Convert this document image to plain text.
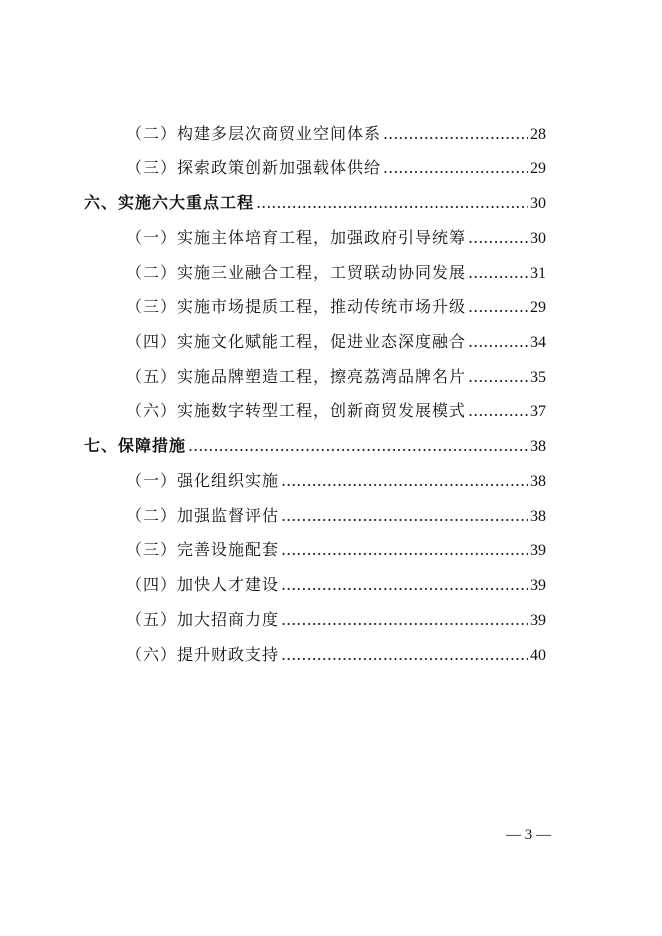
（二）构建多层次商贸业空间体系 .....	28
（三）探索政策创新加强载体供给 .....	29
六、实施六大重点工程 .....	30
（一）实施主体培育工程，加强政府引导统筹 .....	30
（二）实施三业融合工程，工贸联动协同发展 .....	31
（三）实施市场提质工程，推动传统市场升级 .....	29
（四）实施文化赋能工程，促进业态深度融合 .....	34
（五）实施品牌塑造工程，擦亮荔湾品牌名片 .....	35
（六）实施数字转型工程，创新商贸发展模式 .....	37
七、保障措施 .....	38
（一）强化组织实施 .....	38
（二）加强监督评估 .....	38
（三）完善设施配套 .....	39
（四）加快人才建设 .....	39
（五）加大招商力度 .....	39
（六）提升财政支持 .....	40
— 3 —
